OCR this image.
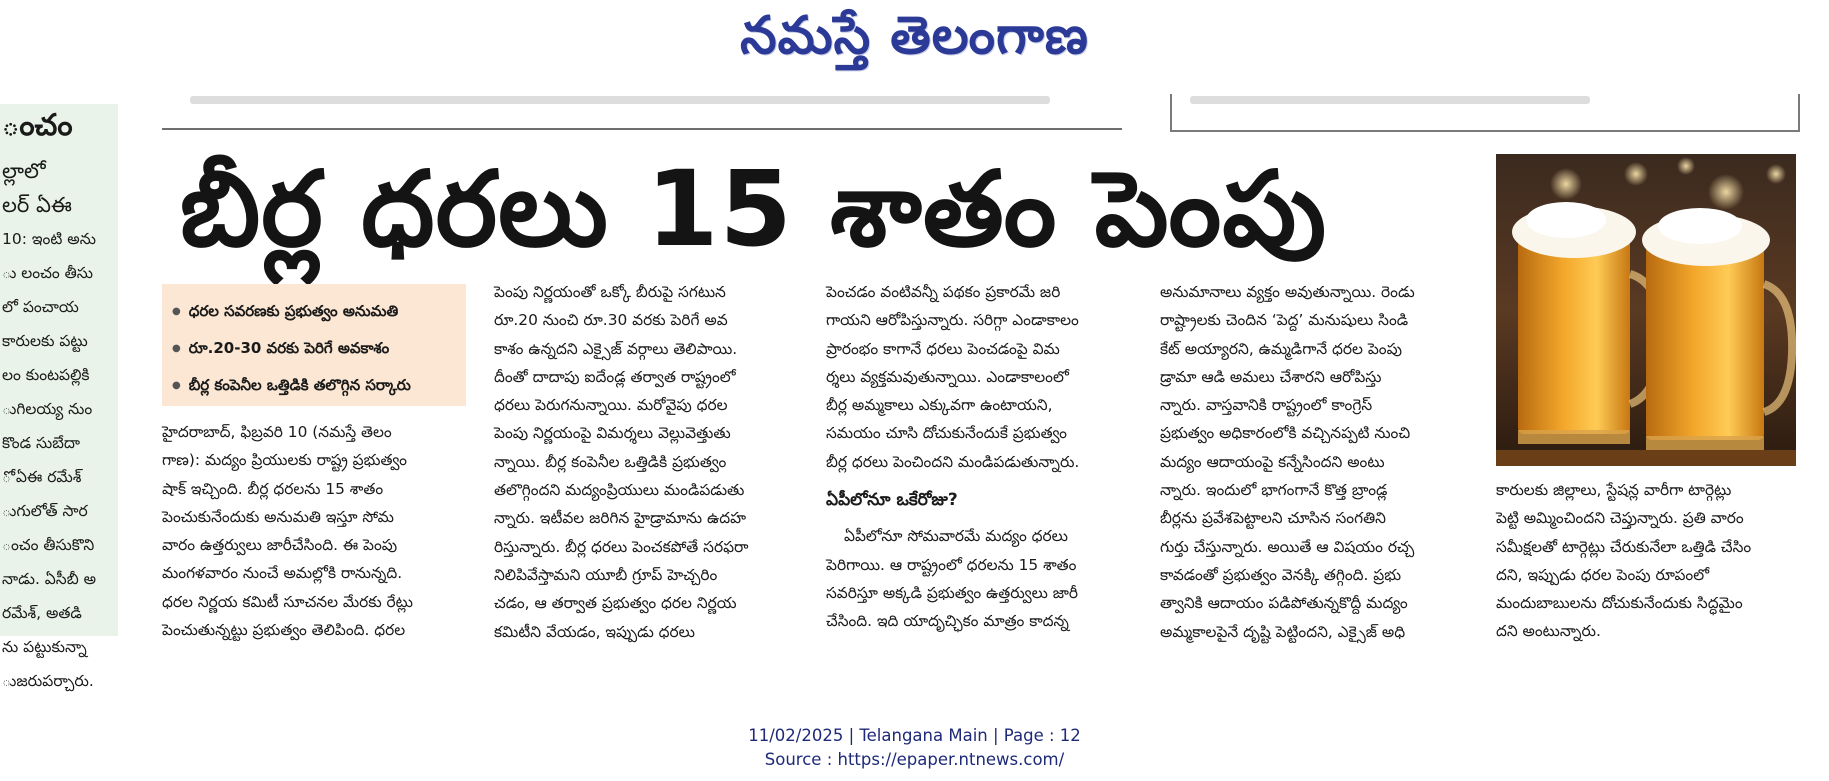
నమస్తే తెలంగాణ
ంచం

ల్లాలో

లర్ ఏఈ

10: ఇంటి అను

ు లంచం తీసు

లో పంచాయ

కారులకు పట్టు

లం కుంటపల్లికి

ుగిలయ్య నుం

కొండ సుబేదా

ో ఏఈ రమేశ్

ుగులోత్ సార

ంచం తీసుకొని

నాడు. ఏసీబీ అ

రమేశ్, అతడి

ను పట్టుకున్నా

ుజరుపర్చారు.

బీర్ల ధరలు 15 శాతం పెంపు
● ధరల సవరణకు ప్రభుత్వం అనుమతి
● రూ.20-30 వరకు పెరిగే అవకాశం
● బీర్ల కంపెనీల ఒత్తిడికి తలొగ్గిన సర్కారు

హైదరాబాద్, ఫిబ్రవరి 10 (నమస్తే తెలం

గాణ): మద్యం ప్రియులకు రాష్ట్ర ప్రభుత్వం

షాక్ ఇచ్చింది. బీర్ల ధరలను 15 శాతం

పెంచుకునేందుకు అనుమతి ఇస్తూ సోమ

వారం ఉత్తర్వులు జారీచేసింది. ఈ పెంపు

మంగళవారం నుంచే అమల్లోకి రానున్నది.

ధరల నిర్ణయ కమిటీ సూచనల మేరకు రేట్లు

పెంచుతున్నట్టు ప్రభుత్వం తెలిపింది. ధరల

పెంపు నిర్ణయంతో ఒక్కో బీరుపై సగటున

రూ.20 నుంచి రూ.30 వరకు పెరిగే అవ

కాశం ఉన్నదని ఎక్సైజ్ వర్గాలు తెలిపాయి.

దీంతో దాదాపు ఐదేండ్ల తర్వాత రాష్ట్రంలో

ధరలు పెరుగనున్నాయి. మరోవైపు ధరల

పెంపు నిర్ణయంపై విమర్శలు వెల్లువెత్తుతు

న్నాయి. బీర్ల కంపెనీల ఒత్తిడికి ప్రభుత్వం

తలొగ్గిందని మద్యంప్రియులు మండిపడుతు

న్నారు. ఇటీవల జరిగిన హైడ్రామాను ఉదహ

రిస్తున్నారు. బీర్ల ధరలు పెంచకపోతే సరఫరా

నిలిపివేస్తామని యూబీ గ్రూప్ హెచ్చరిం

చడం, ఆ తర్వాత ప్రభుత్వం ధరల నిర్ణయ

కమిటీని వేయడం, ఇప్పుడు ధరలు

పెంచడం వంటివన్నీ పథకం ప్రకారమే జరి

గాయని ఆరోపిస్తున్నారు. సరిగ్గా ఎండాకాలం

ప్రారంభం కాగానే ధరలు పెంచడంపై విమ

ర్శలు వ్యక్తమవుతున్నాయి. ఎండాకాలంలో

బీర్ల అమ్మకాలు ఎక్కువగా ఉంటాయని,

సమయం చూసి దోచుకునేందుకే ప్రభుత్వం

బీర్ల ధరలు పెంచిందని మండిపడుతున్నారు.

ఏపీలోనూ ఒకేరోజు?

ఏపీలోనూ సోమవారమే మద్యం ధరలు

పెరిగాయి. ఆ రాష్ట్రంలో ధరలను 15 శాతం

సవరిస్తూ అక్కడి ప్రభుత్వం ఉత్తర్వులు జారీ

చేసింది. ఇది యాదృచ్ఛికం మాత్రం కాదన్న

అనుమానాలు వ్యక్తం అవుతున్నాయి. రెండు

రాష్ట్రాలకు చెందిన ‘పెద్ద’ మనుషులు సిండి

కేట్ అయ్యారని, ఉమ్మడిగానే ధరల పెంపు

డ్రామా ఆడి అమలు చేశారని ఆరోపిస్తు

న్నారు. వాస్తవానికి రాష్ట్రంలో కాంగ్రెస్

ప్రభుత్వం అధికారంలోకి వచ్చినప్పటి నుంచి

మద్యం ఆదాయంపై కన్నేసిందని అంటు

న్నారు. ఇందులో భాగంగానే కొత్త బ్రాండ్ల

బీర్లను ప్రవేశపెట్టాలని చూసిన సంగతిని

గుర్తు చేస్తున్నారు. అయితే ఆ విషయం రచ్చ

కావడంతో ప్రభుత్వం వెనక్కి తగ్గింది. ప్రభు

త్వానికి ఆదాయం పడిపోతున్నకొద్దీ మద్యం

అమ్మకాలపైనే దృష్టి పెట్టిందని, ఎక్సైజ్ అధి

కారులకు జిల్లాలు, స్టేషన్ల వారీగా టార్గెట్లు

పెట్టి అమ్మించిందని చెప్తున్నారు. ప్రతి వారం

సమీక్షలతో టార్గెట్లు చేరుకునేలా ఒత్తిడి చేసిం

దని, ఇప్పుడు ధరల పెంపు రూపంలో

మందుబాబులను దోచుకునేందుకు సిద్ధమైం

దని అంటున్నారు.

11/02/2025 | Telangana Main | Page : 12
Source : https://epaper.ntnews.com/
